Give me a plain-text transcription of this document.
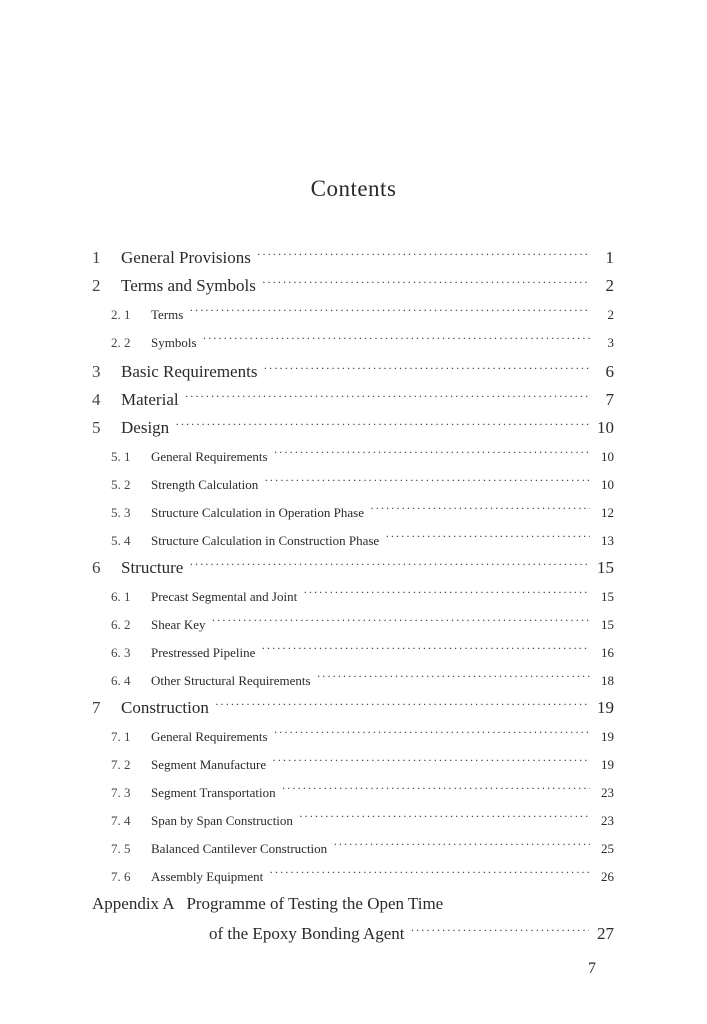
Contents
1	General Provisions ·····	1
2	Terms and Symbols ·····	2
2. 1	Terms ·····	2
2. 2	Symbols ·····	3
3	Basic Requirements ·····	6
4	Material ·····	7
5	Design ·····	10
5. 1	General Requirements ·····	10
5. 2	Strength Calculation ·····	10
5. 3	Structure Calculation in Operation Phase ·····	12
5. 4	Structure Calculation in Construction Phase ·····	13
6	Structure ·····	15
6. 1	Precast Segmental and Joint ·····	15
6. 2	Shear Key ·····	15
6. 3	Prestressed Pipeline ·····	16
6. 4	Other Structural Requirements ·····	18
7	Construction ·····	19
7. 1	General Requirements ·····	19
7. 2	Segment Manufacture ·····	19
7. 3	Segment Transportation ·····	23
7. 4	Span by Span Construction ·····	23
7. 5	Balanced Cantilever Construction ·····	25
7. 6	Assembly Equipment ·····	26
Appendix A   Programme of Testing the Open Time
of the Epoxy Bonding Agent ·····	27
7
